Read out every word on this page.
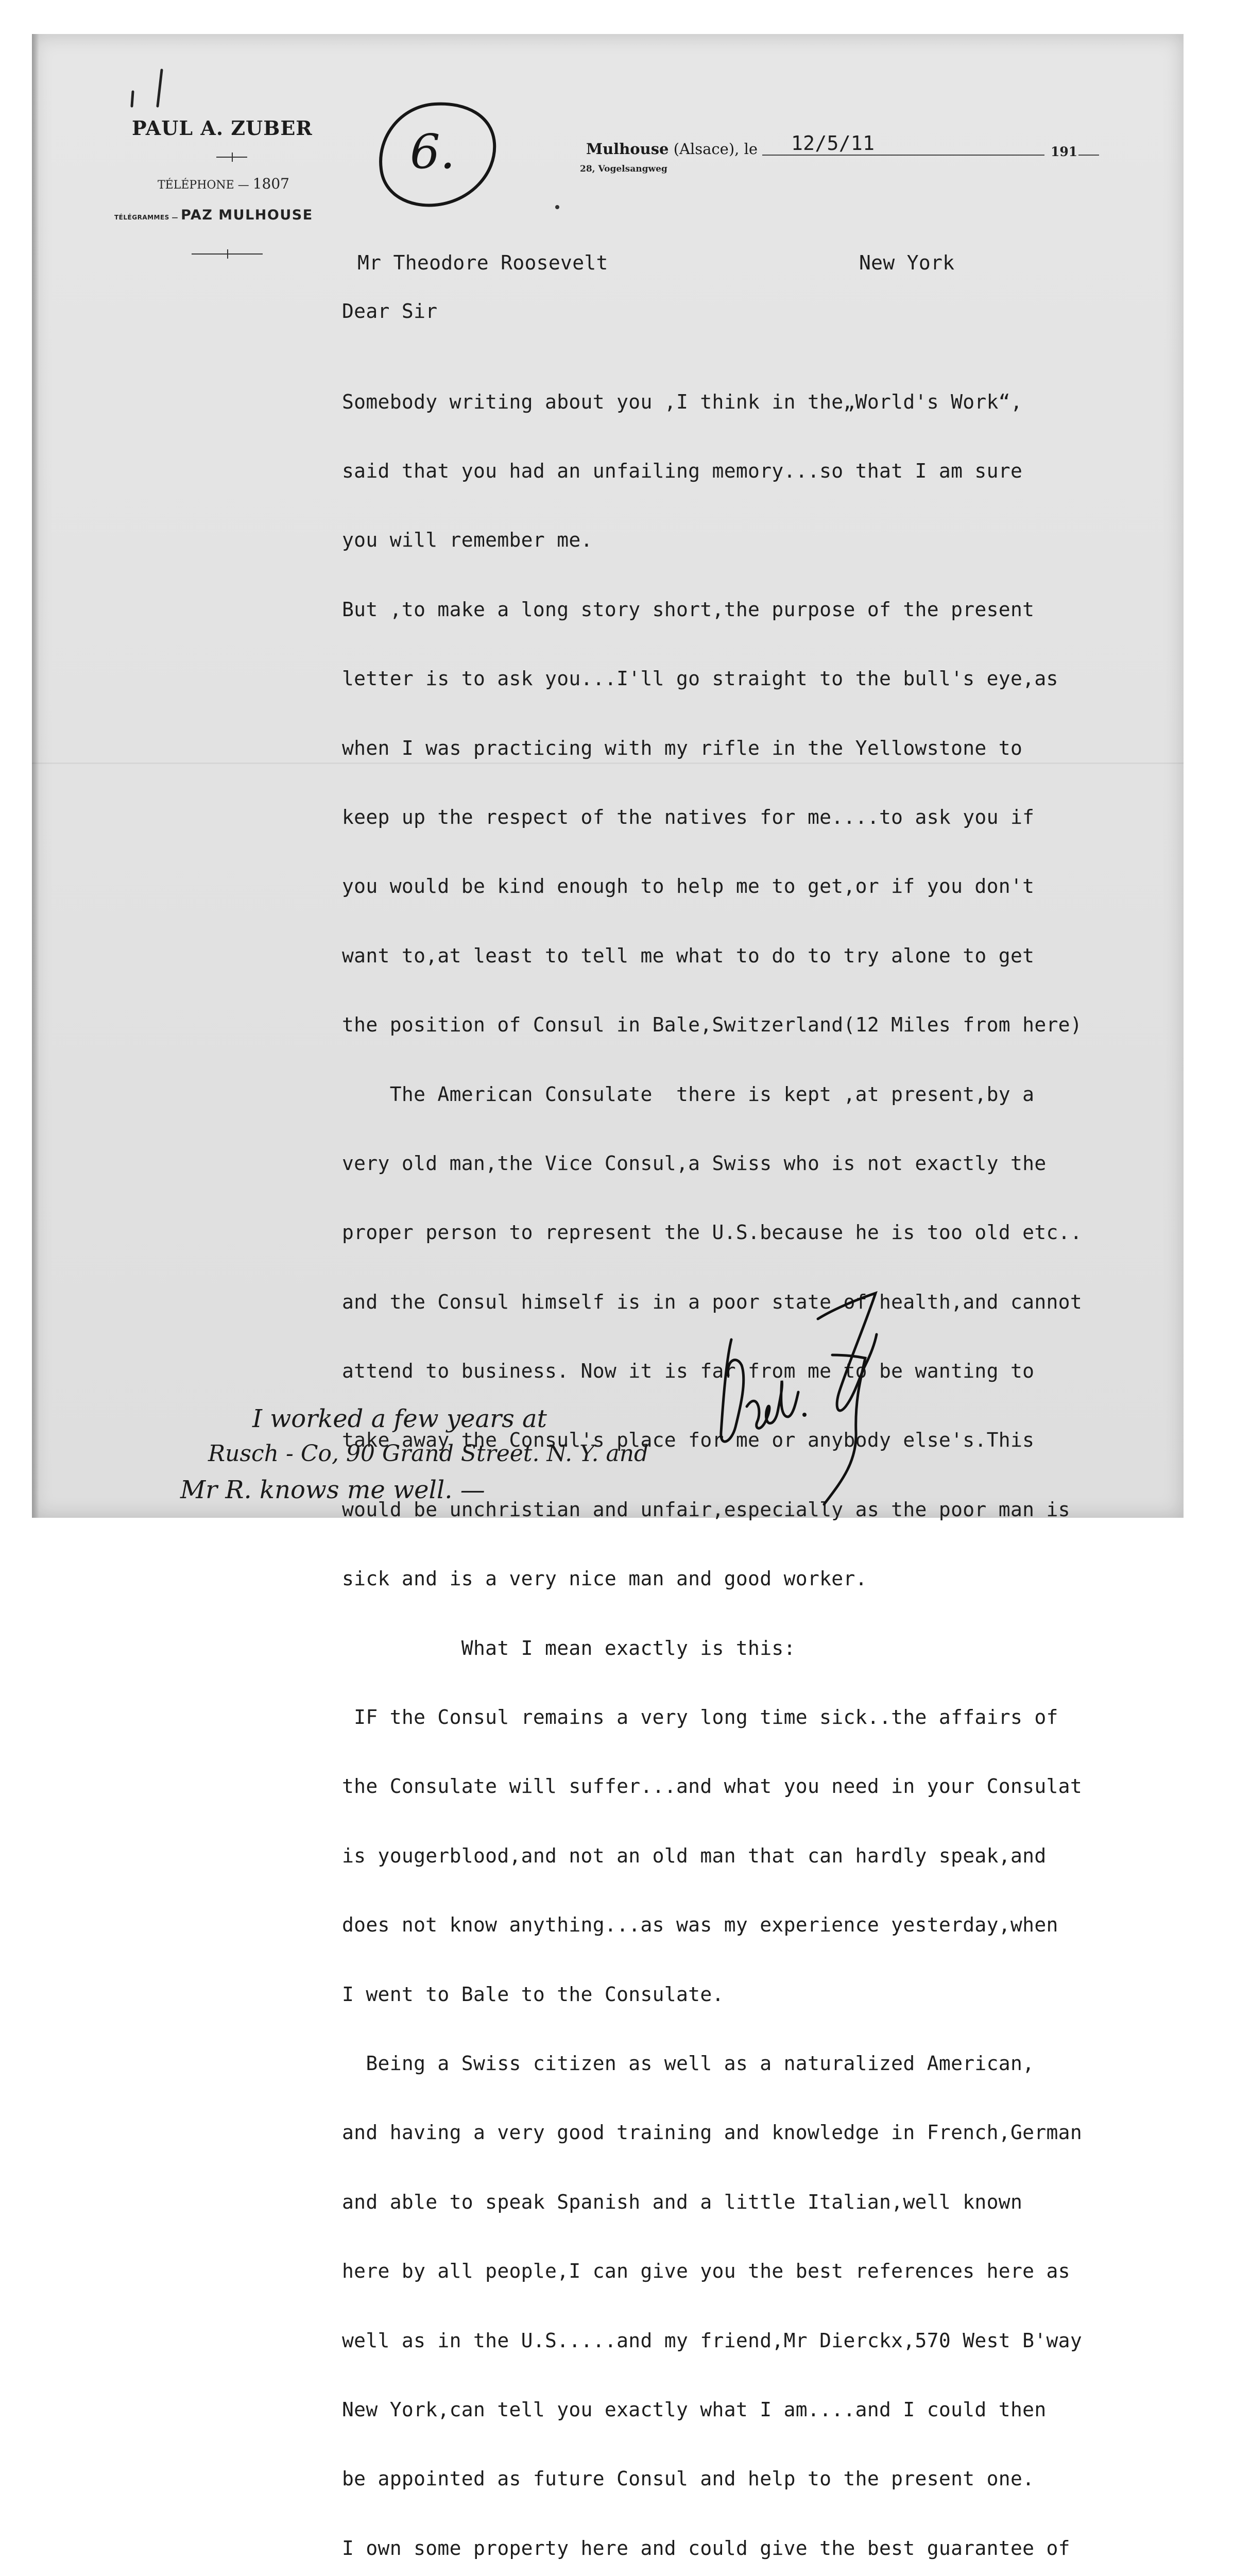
PAUL A. ZUBER
TÉLÉPHONE — 1807
TÉLÉGRAMMES — PAZ MULHOUSE
6.	Mulhouse (Alsace), le
28, Vogelsangweg
12/5/11	191
Mr Theodore Roosevelt	New York
Dear Sir

Somebody writing about you ,I think in the„World's Work“,

said that you had an unfailing memory...so that I am sure

you will remember me.

But ,to make a long story short,the purpose of the present

letter is to ask you...I'll go straight to the bull's eye,as

when I was practicing with my rifle in the Yellowstone to

keep up the respect of the natives for me....to ask you if

you would be kind enough to help me to get,or if you don't

want to,at least to tell me what to do to try alone to get

the position of Consul in Bale,Switzerland(12 Miles from here)

The American Consulate  there is kept ,at present,by a

very old man,the Vice Consul,a Swiss who is not exactly the

proper person to represent the U.S.because he is too old etc..

and the Consul himself is in a poor state of health,and cannot

attend to business. Now it is far from me to be wanting to

take away the Consul's place for me or anybody else's.This

would be unchristian and unfair,especially as the poor man is

sick and is a very nice man and good worker.

What I mean exactly is this:

IF the Consul remains a very long time sick..the affairs of

the Consulate will suffer...and what you need in your Consulat

is yougerblood,and not an old man that can hardly speak,and

does not know anything...as was my experience yesterday,when

I went to Bale to the Consulate.

Being a Swiss citizen as well as a naturalized American,

and having a very good training and knowledge in French,German

and able to speak Spanish and a little Italian,well known

here by all people,I can give you the best references here as

well as in the U.S.....and my friend,Mr Dierckx,570 West B'way

New York,can tell you exactly what I am....and I could then

be appointed as future Consul and help to the present one.

I own some property here and could give the best guarantee of

I worked a few years at
Rusch - Co, 90 Grand Street. N. Y. and
Mr R. knows me well. —
